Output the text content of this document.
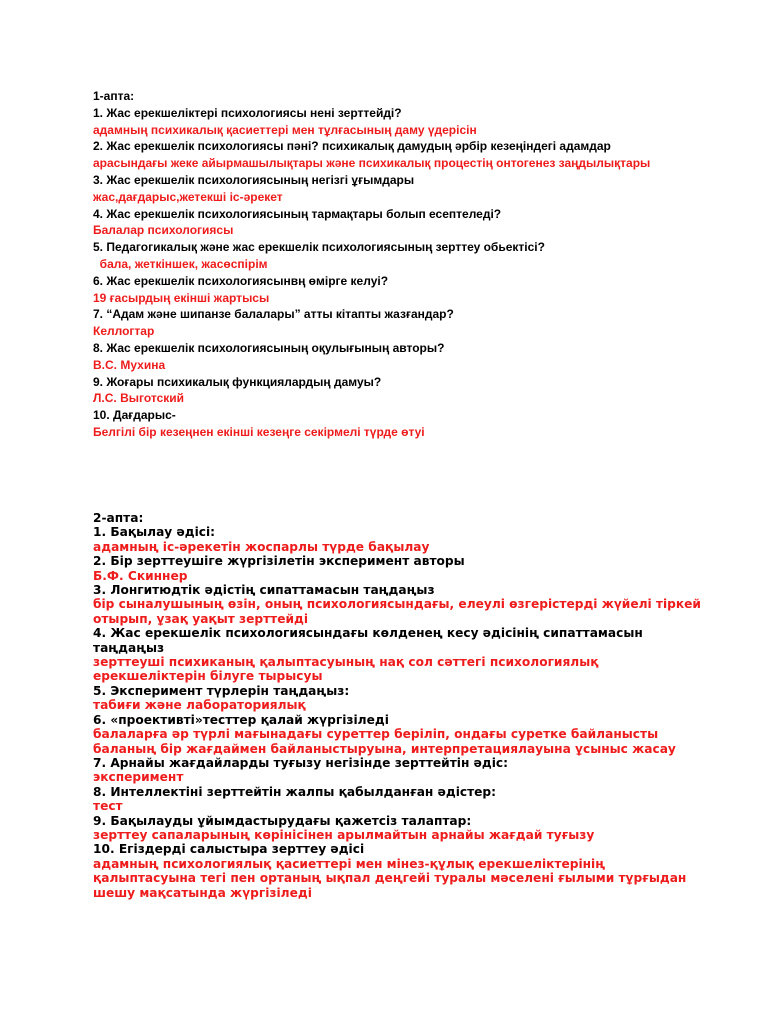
1-апта:
1. Жас ерекшеліктері психологиясы нені зерттейді?
адамның психикалық қасиеттері мен тұлғасының даму үдерісін
2. Жас ерекшелік психологиясы пәні? психикалық дамудың әрбір кезеңіндегі адамдар
арасындағы жеке айырмашылықтары және психикалық процестің онтогенез заңдылықтары
3. Жас ерекшелік психологиясының негізгі ұғымдары
жас,дағдарыс,жетекші іс-әрекет
4. Жас ерекшелік психологиясының тармақтары болып есептеледі?
Балалар психологиясы
5. Педагогикалық және жас ерекшелік психологиясының зерттеу обьектісі?
бала, жеткіншек, жасөспірім
6. Жас ерекшелік психологиясынвң өмірге келуі?
19 ғасырдың екінші жартысы
7. “Адам және шипанзе балалары” атты кітапты жазғандар?
Келлогтар
8. Жас ерекшелік психологиясының оқулығының авторы?
В.С. Мухина
9. Жоғары психикалық функциялардың дамуы?
Л.С. Выготский
10. Дағдарыс-
Белгілі бір кезеңнен екінші кезеңге секірмелі түрде өтуі
2-апта:
1. Бақылау әдісі:
адамның іс-әрекетін жоспарлы түрде бақылау
2. Бір зерттеушіге жүргізілетін эксперимент авторы
Б.Ф. Скиннер
3. Лонгитюдтік әдістің сипаттамасын таңдаңыз
бір сыналушының өзін, оның психологиясындағы, елеулі өзгерістерді жүйелі тіркей отырып, ұзақ уақыт зерттейді
4. Жас ерекшелік психологиясындағы көлденең кесу әдісінің сипаттамасын таңдаңыз
зерттеуші психиканың қалыптасуының нақ сол сәттегі психологиялық ерекшеліктерін білуге тырысуы
5. Эксперимент түрлерін таңдаңыз:
табиғи және лабораториялық
6. «проективті»тесттер қалай жүргізіледі
балаларға әр түрлі мағынадағы суреттер беріліп, ондағы суретке байланысты баланың бір жағдаймен байланыстыруына, интерпретациялауына ұсыныс жасау
7. Арнайы жағдайларды туғызу негізінде зерттейтін әдіс:
эксперимент
8. Интеллектіні зерттейтін жалпы қабылданған әдістер:
тест
9. Бақылауды ұйымдастырудағы қажетсіз талаптар:
зерттеу сапаларының көрінісінен арылмайтын арнайы жағдай туғызу
10. Егіздерді салыстыра зерттеу әдісі
адамның психологиялық қасиеттері мен мінез-құлық ерекшеліктерінің қалыптасуына тегі пен ортаның ықпал деңгейі туралы мәселені ғылыми тұрғыдан шешу мақсатында жүргізіледі
